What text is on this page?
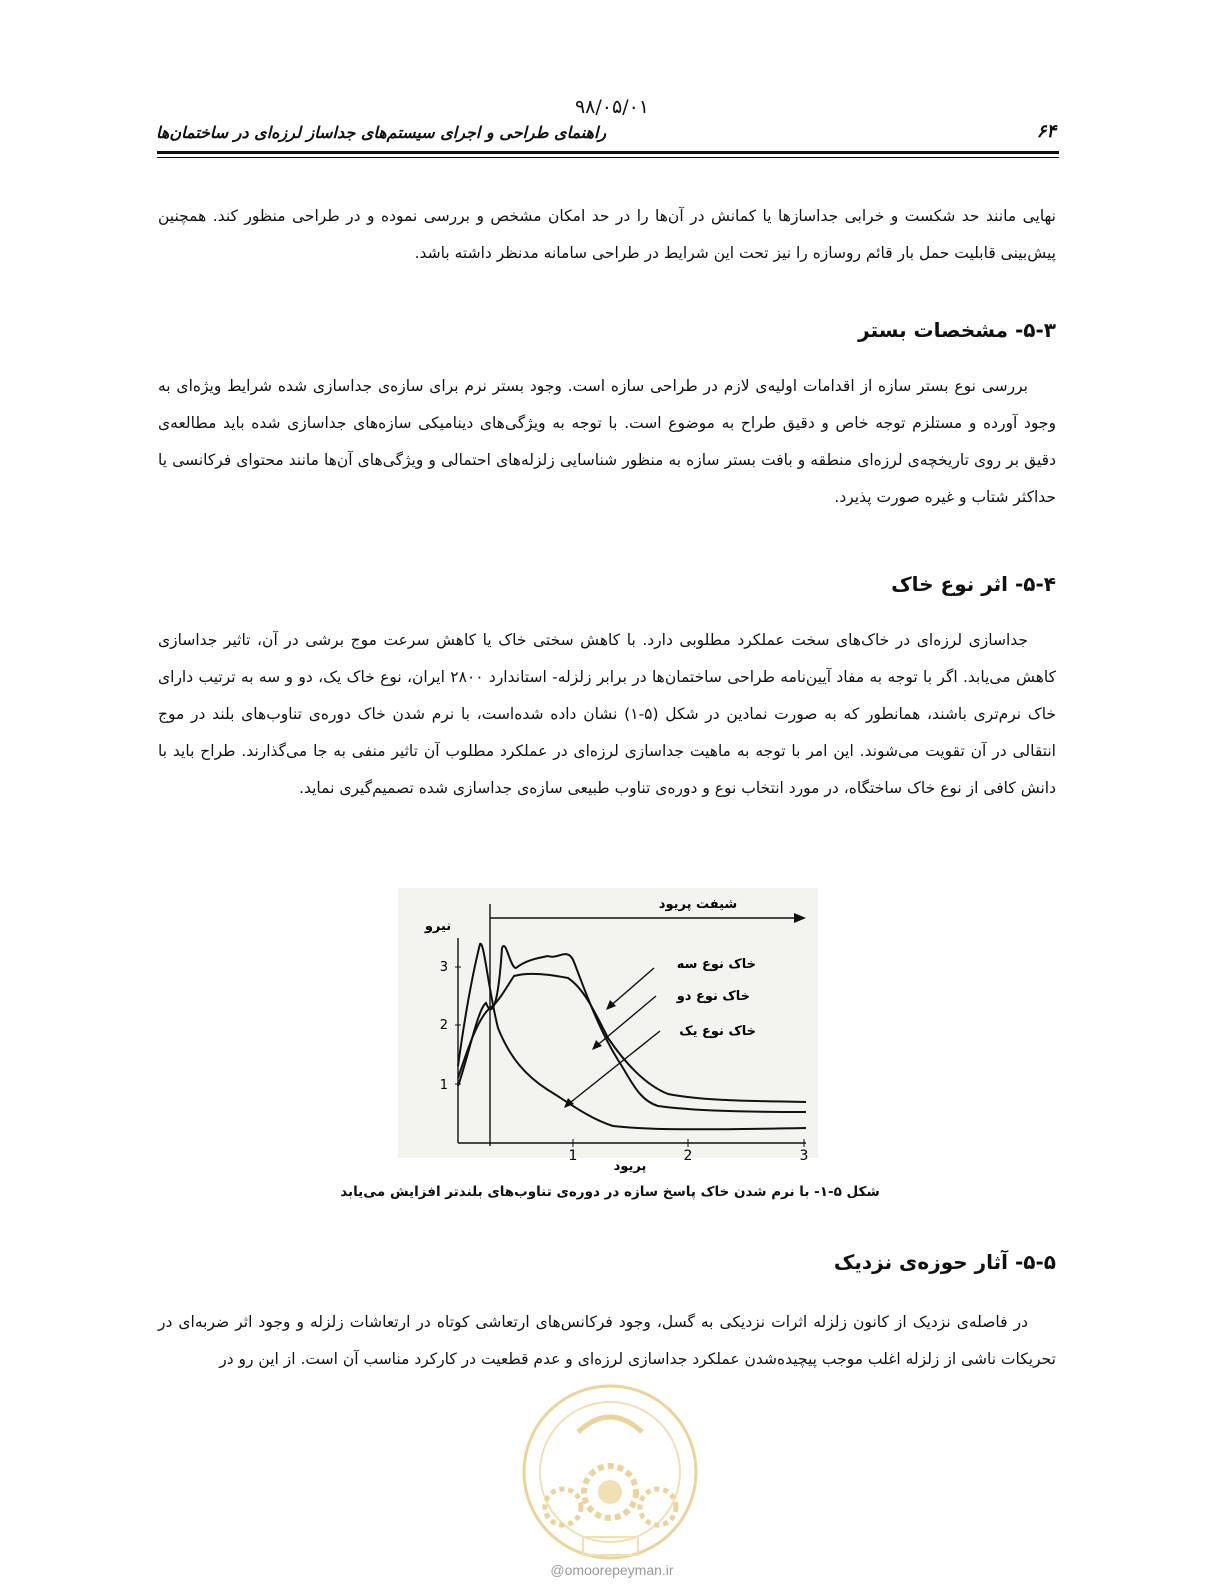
۹۸/۰۵/۰۱
راهنمای طراحی و اجرای سیستم‌های جداساز لرزه‌ای در ساختمان‌ها	۶۴
نهایی مانند حد شکست و خرابی جداسازها یا کمانش در آن‌ها را در حد امکان مشخص و بررسی نموده و در طراحی منظور کند. همچنین پیش‌بینی قابلیت حمل بار قائم روسازه را نیز تحت این شرایط در طراحی سامانه مدنظر داشته باشد.
۵-۳- مشخصات بستر
بررسی نوع بستر سازه از اقدامات اولیه‌ی لازم در طراحی سازه است. وجود بستر نرم برای سازه‌ی جداسازی شده شرایط ویژه‌ای به وجود آورده و مستلزم توجه خاص و دقیق طراح به موضوع است. با توجه به ویژگی‌های دینامیکی سازه‌های جداسازی شده باید مطالعه‌ی دقیق بر روی تاریخچه‌ی لرزه‌ای منطقه و بافت بستر سازه به منظور شناسایی زلزله‌های احتمالی و ویژگی‌های آن‌ها مانند محتوای فرکانسی یا حداکثر شتاب و غیره صورت پذیرد.
۵-۴- اثر نوع خاک
جداسازی لرزه‌ای در خاک‌های سخت عملکرد مطلوبی دارد. با کاهش سختی خاک یا کاهش سرعت موج برشی در آن، تاثیر جداسازی کاهش می‌یابد. اگر با توجه به مفاد آیین‌نامه طراحی ساختمان‌ها در برابر زلزله- استاندارد ۲۸۰۰ ایران، نوع خاک یک، دو و سه به ترتیب دارای خاک نرم‌تری باشند، همانطور که به صورت نمادین در شکل (۵-۱) نشان داده شده‌است، با نرم شدن خاک دوره‌ی تناوب‌های بلند در موج انتقالی در آن تقویت می‌شوند. این امر با توجه به ماهیت جداسازی لرزه‌ای در عملکرد مطلوب آن تاثیر منفی به جا می‌گذارند. طراح باید با دانش کافی از نوع خاک ساختگاه، در مورد انتخاب نوع و دوره‌ی تناوب طبیعی سازه‌ی جداسازی شده تصمیم‌گیری نماید.
شیفت پریود
نیرو
پریود
1
2
3
1	2	3
خاک نوع سه
خاک نوع دو
خاک نوع یک
شکل ۵-۱- با نرم شدن خاک پاسخ سازه در دوره‌ی تناوب‌های بلندتر افزایش می‌یابد
۵-۵- آثار حوزه‌ی نزدیک
در فاصله‌ی نزدیک از کانون زلزله اثرات نزدیکی به گسل، وجود فرکانس‌های ارتعاشی کوتاه در ارتعاشات زلزله و وجود اثر ضربه‌ای در تحریکات ناشی از زلزله اغلب موجب پیچیده‌شدن عملکرد جداسازی لرزه‌ای و عدم قطعیت در کارکرد مناسب آن است. از این رو در
@omoorepeyman.ir
